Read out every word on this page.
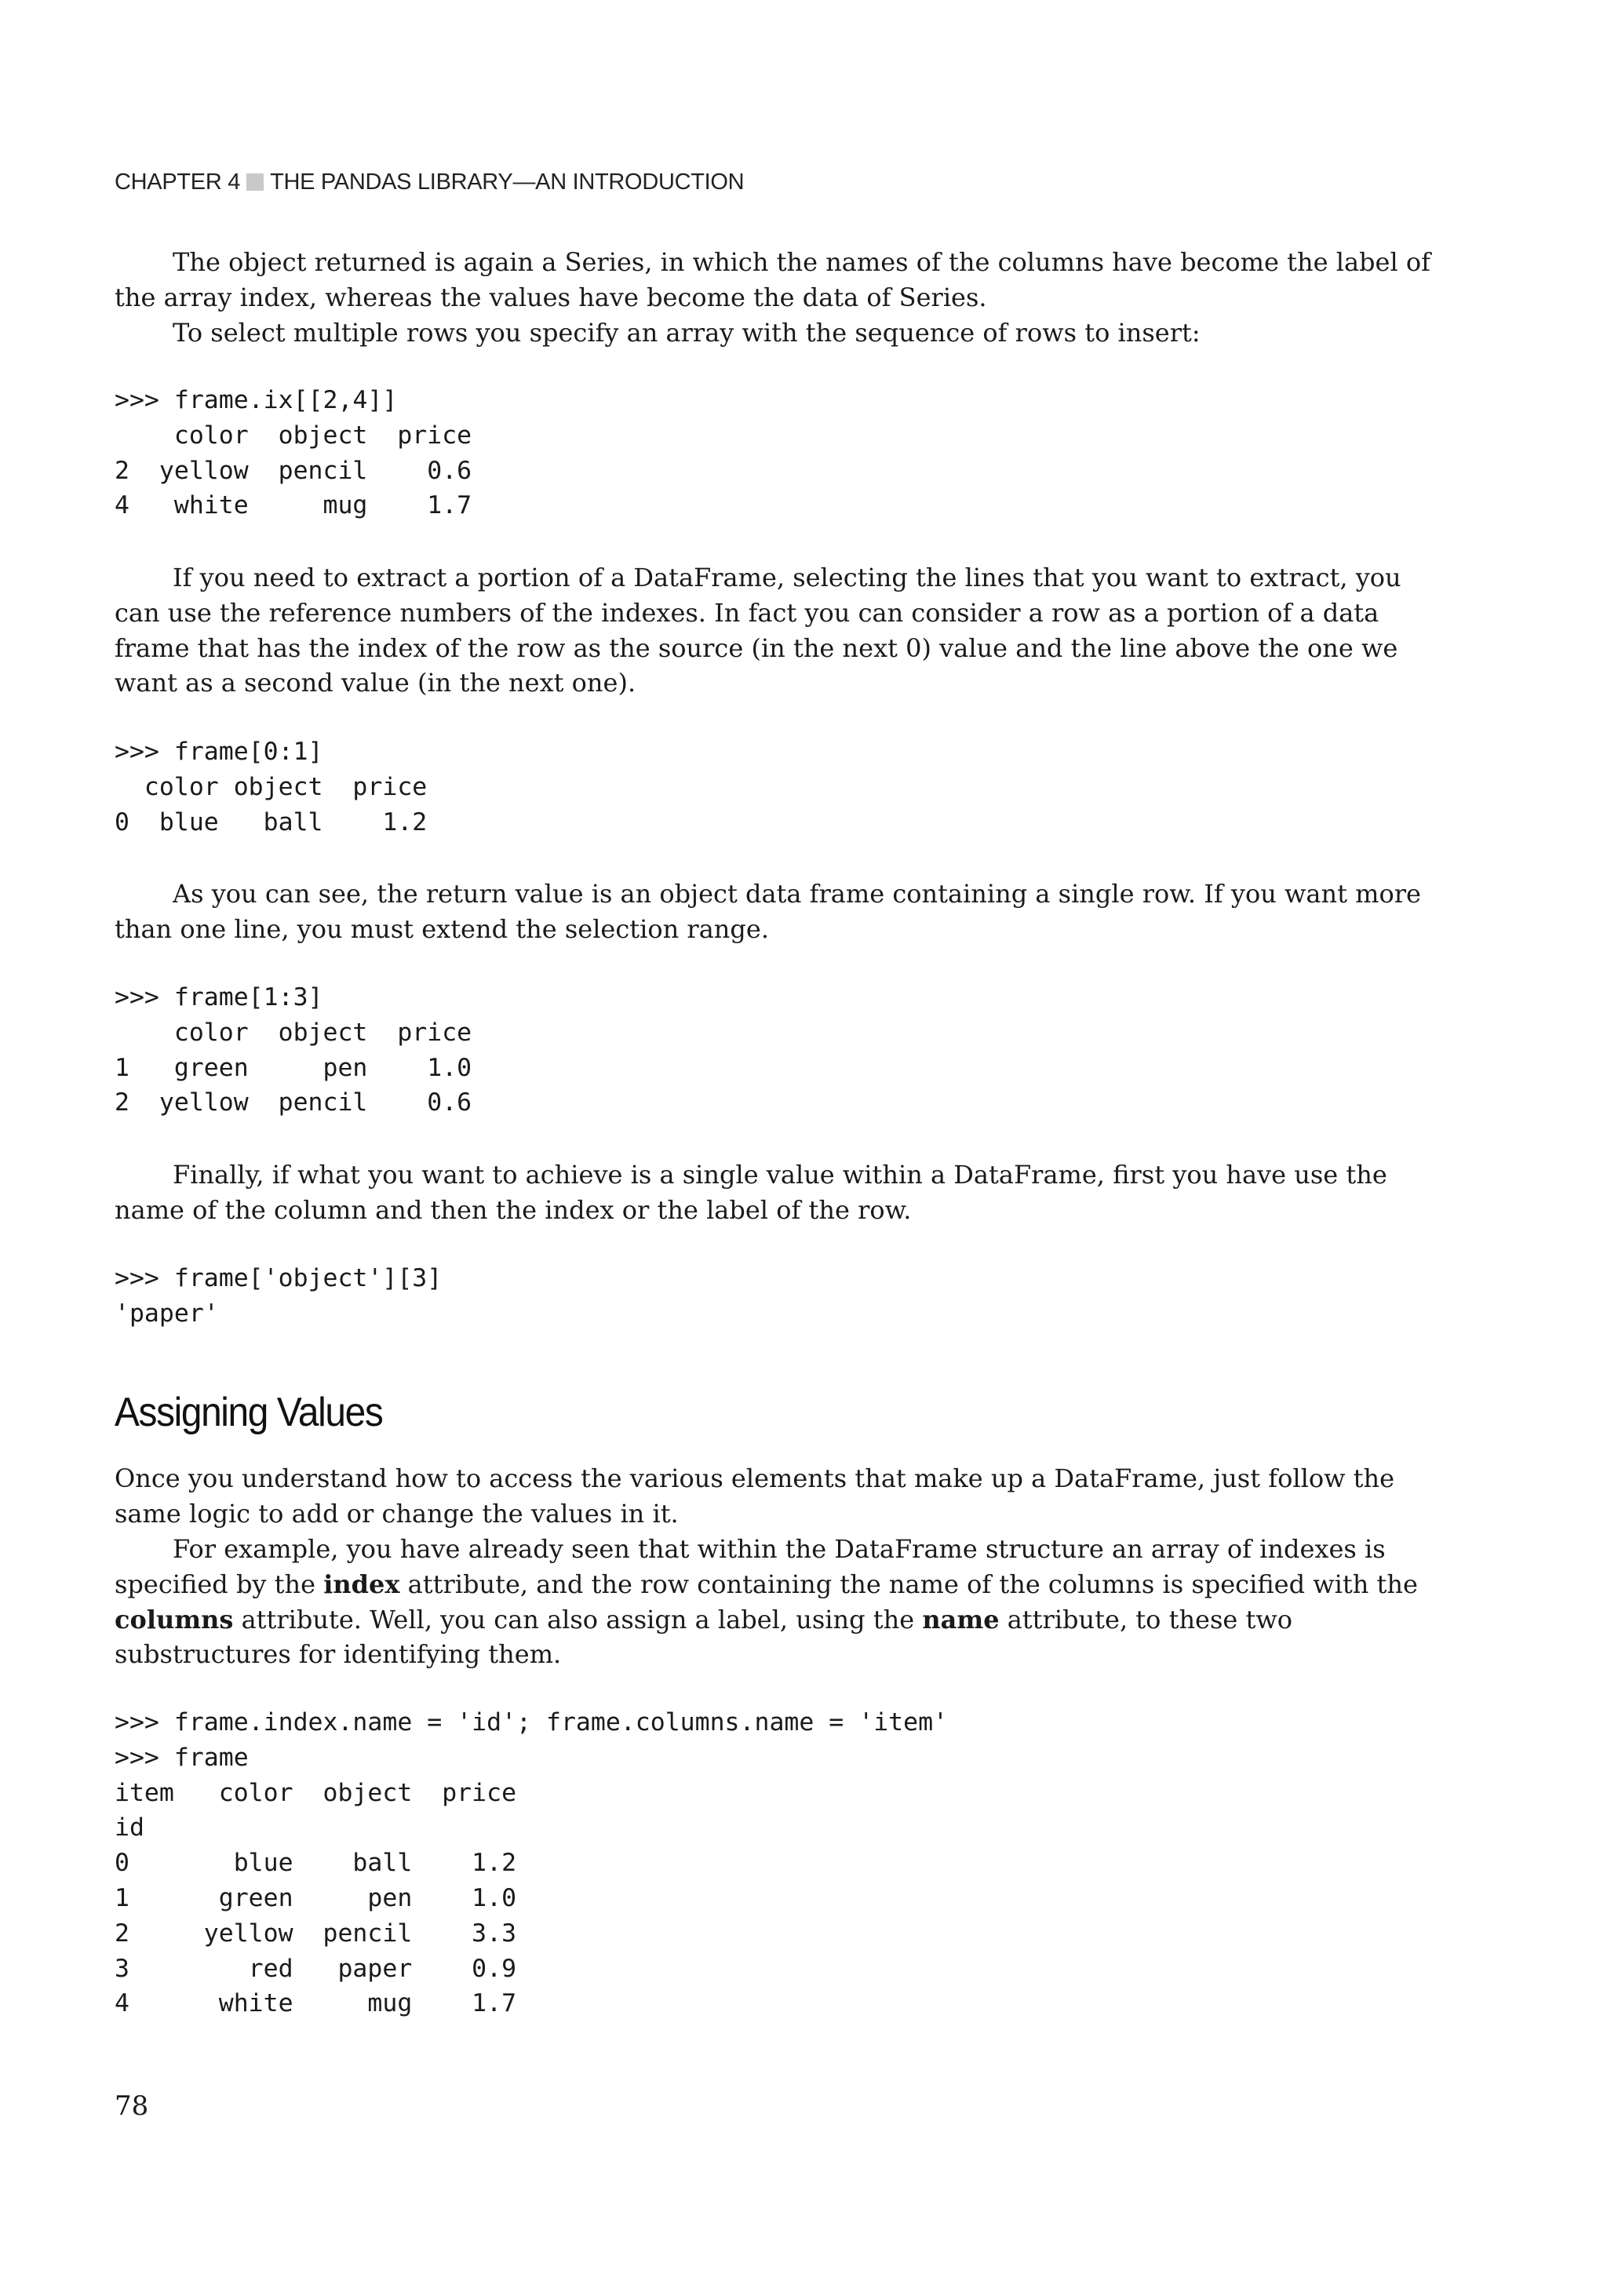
CHAPTER 4 THE PANDAS LIBRARY—AN INTRODUCTION

The object returned is again a Series, in which the names of the columns have become the label of the array index, whereas the values have become the data of Series.

To select multiple rows you specify an array with the sequence of rows to insert:

>>> frame.ix[[2,4]]
color  object  price
2  yellow  pencil    0.6
4   white     mug    1.7

If you need to extract a portion of a DataFrame, selecting the lines that you want to extract, you can use the reference numbers of the indexes. In fact you can consider a row as a portion of a data frame that has the index of the row as the source (in the next 0) value and the line above the one we want as a second value (in the next one).

>>> frame[0:1]
color object  price
0  blue   ball    1.2

As you can see, the return value is an object data frame containing a single row. If you want more than one line, you must extend the selection range.

>>> frame[1:3]
color  object  price
1   green     pen    1.0
2  yellow  pencil    0.6

Finally, if what you want to achieve is a single value within a DataFrame, first you have use the name of the column and then the index or the label of the row.

>>> frame['object'][3]
'paper'
Assigning Values

Once you understand how to access the various elements that make up a DataFrame, just follow the same logic to add or change the values in it.

For example, you have already seen that within the DataFrame structure an array of indexes is specified by the index attribute, and the row containing the name of the columns is specified with the columns attribute. Well, you can also assign a label, using the name attribute, to these two substructures for identifying them.

>>> frame.index.name = 'id'; frame.columns.name = 'item'
>>> frame
item   color  object  price
id
0       blue    ball    1.2
1      green     pen    1.0
2     yellow  pencil    3.3
3        red   paper    0.9
4      white     mug    1.7
78
